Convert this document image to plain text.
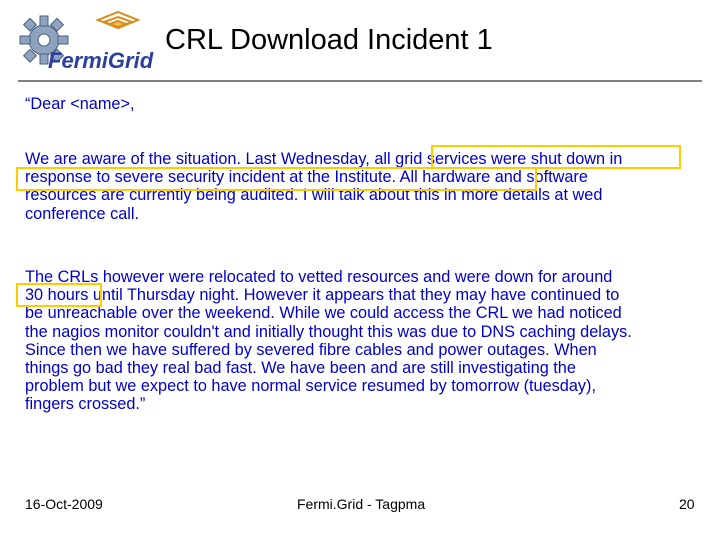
FermiGrid
CRL Download Incident 1
“Dear <name>,
We are aware of the situation. Last Wednesday, all grid services were shut down in
response to severe security incident at the Institute. All hardware and software
resources are currently being audited. I will talk about this in more details at wed
conference call.
The CRLs however were relocated to vetted resources and were down for around
30 hours until Thursday night. However it appears that they may have continued to
be unreachable over the weekend. While we could access the CRL we had noticed
the nagios monitor couldn't and initially thought this was due to DNS caching delays.
Since then we have suffered by severed fibre cables and power outages. When
things go bad they real bad fast. We have been and are still investigating the
problem but we expect to have normal service resumed by tomorrow (tuesday),
fingers crossed.”
16-Oct-2009	Fermi.Grid - Tagpma	20
